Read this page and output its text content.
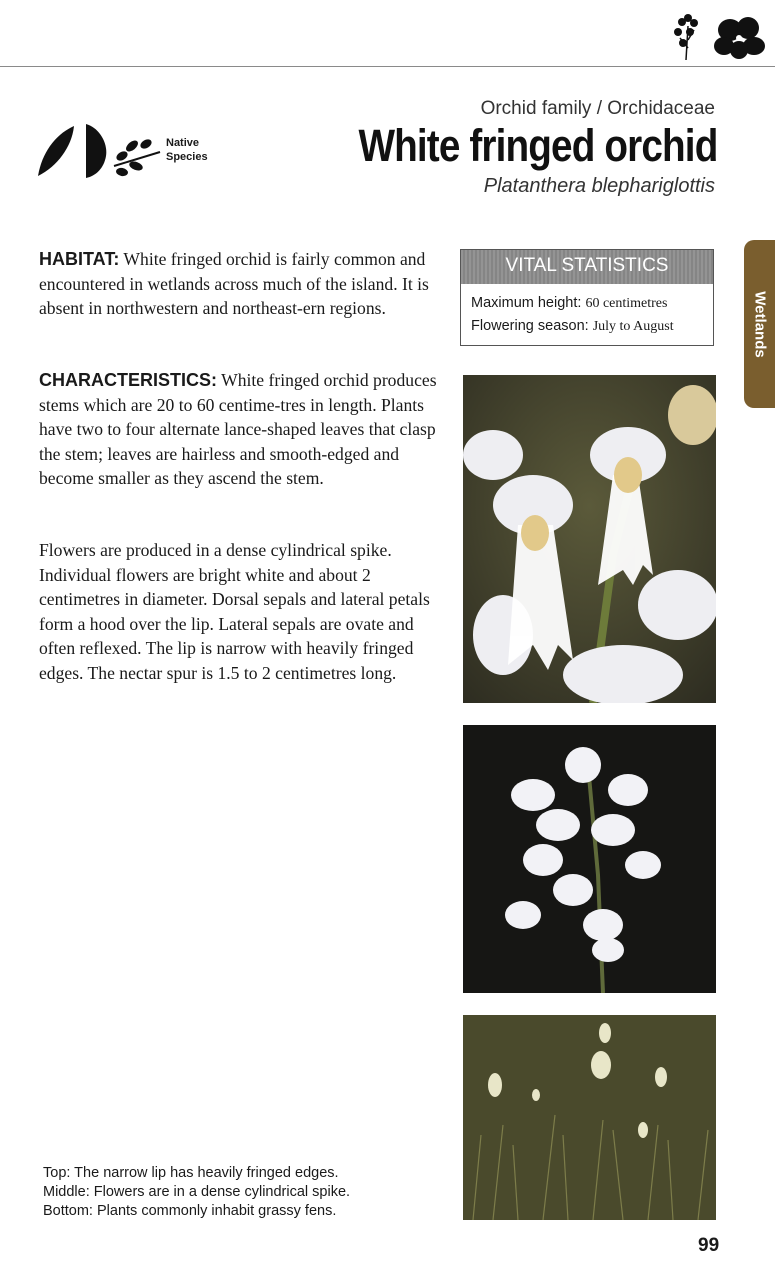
Native
Species
Orchid family / Orchidaceae
White fringed orchid
Platanthera blephariglottis
HABITAT: White fringed orchid is fairly common and encountered in wetlands across much of the island. It is absent in northwestern and northeast-ern regions.
CHARACTERISTICS: White fringed orchid produces stems which are 20 to 60 centime-tres in length. Plants have two to four alternate lance-shaped leaves that clasp the stem; leaves are hairless and smooth-edged and become smaller as they ascend the stem.
Flowers are produced in a dense cylindrical spike. Individual flowers are bright white and about 2 centimetres in diameter. Dorsal sepals and lateral petals form a hood over the lip. Lateral sepals are ovate and often reflexed. The lip is narrow with heavily fringed edges. The nectar spur is 1.5 to 2 centimetres long.
VITAL STATISTICS
Maximum height: 60 centimetres
Flowering season: July to August	Wetlands
Top: The narrow lip has heavily fringed edges.
Middle: Flowers are in a dense cylindrical spike.
Bottom: Plants commonly inhabit grassy fens.
99
